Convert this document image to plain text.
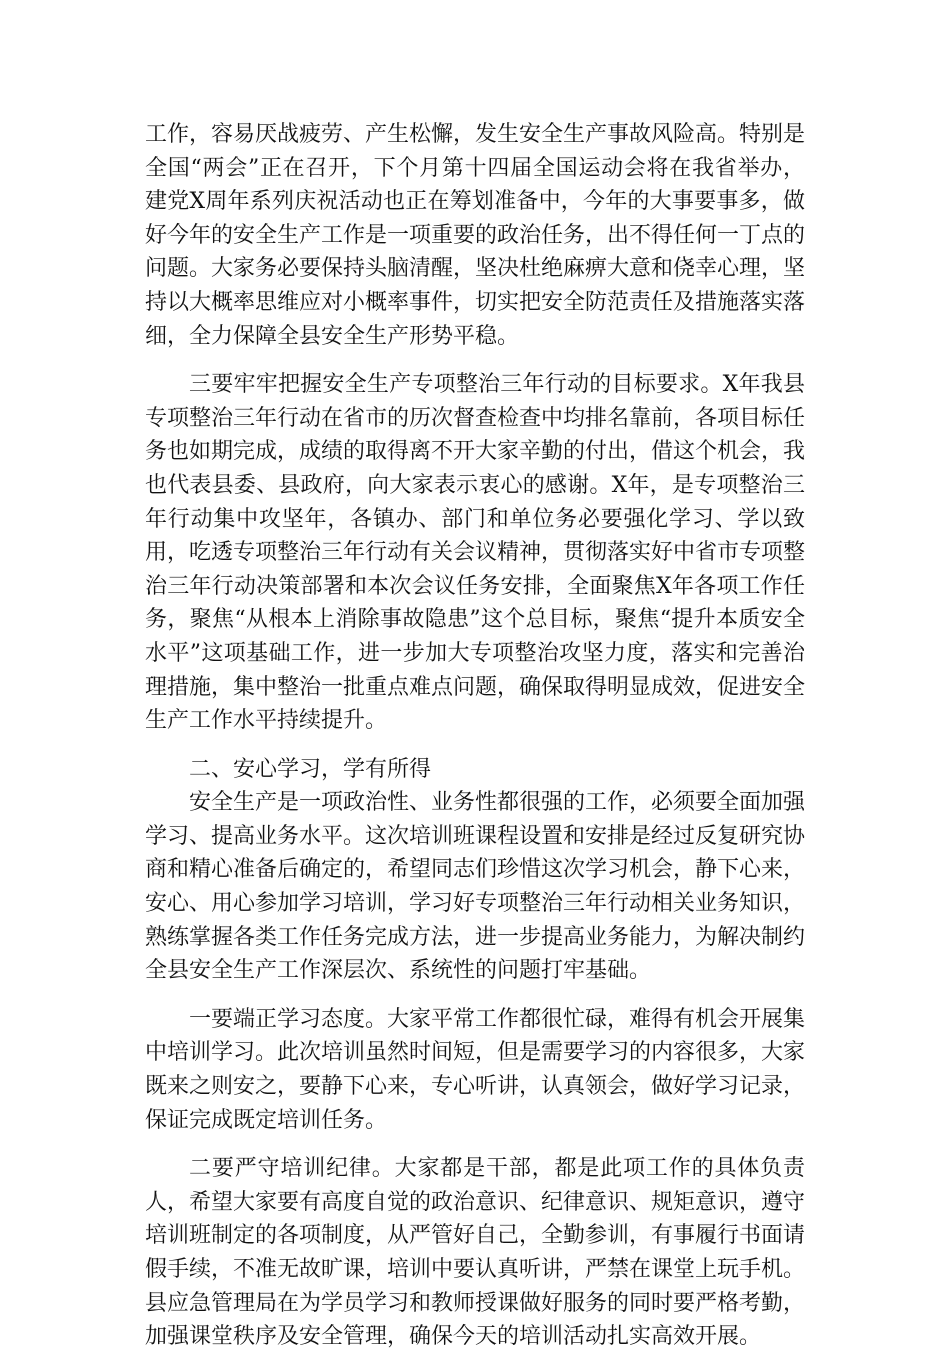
工作，容易厌战疲劳、产生松懈，发生安全生产事故风险高。特别是全国“两会”正在召开，下个月第十四届全国运动会将在我省举办，建党X周年系列庆祝活动也正在筹划准备中，今年的大事要事多，做好今年的安全生产工作是一项重要的政治任务，出不得任何一丁点的问题。大家务必要保持头脑清醒，坚决杜绝麻痹大意和侥幸心理，坚持以大概率思维应对小概率事件，切实把安全防范责任及措施落实落细，全力保障全县安全生产形势平稳。

三要牢牢把握安全生产专项整治三年行动的目标要求。X年我县专项整治三年行动在省市的历次督查检查中均排名靠前，各项目标任务也如期完成，成绩的取得离不开大家辛勤的付出，借这个机会，我也代表县委、县政府，向大家表示衷心的感谢。X年，是专项整治三年行动集中攻坚年，各镇办、部门和单位务必要强化学习、学以致用，吃透专项整治三年行动有关会议精神，贯彻落实好中省市专项整治三年行动决策部署和本次会议任务安排，全面聚焦X年各项工作任务，聚焦“从根本上消除事故隐患”这个总目标，聚焦“提升本质安全水平”这项基础工作，进一步加大专项整治攻坚力度，落实和完善治理措施，集中整治一批重点难点问题，确保取得明显成效，促进安全生产工作水平持续提升。

二、安心学习，学有所得

安全生产是一项政治性、业务性都很强的工作，必须要全面加强学习、提高业务水平。这次培训班课程设置和安排是经过反复研究协商和精心准备后确定的，希望同志们珍惜这次学习机会，静下心来，安心、用心参加学习培训，学习好专项整治三年行动相关业务知识，熟练掌握各类工作任务完成方法，进一步提高业务能力，为解决制约全县安全生产工作深层次、系统性的问题打牢基础。

一要端正学习态度。大家平常工作都很忙碌，难得有机会开展集中培训学习。此次培训虽然时间短，但是需要学习的内容很多，大家既来之则安之，要静下心来，专心听讲，认真领会，做好学习记录，保证完成既定培训任务。

二要严守培训纪律。大家都是干部，都是此项工作的具体负责人，希望大家要有高度自觉的政治意识、纪律意识、规矩意识，遵守培训班制定的各项制度，从严管好自己，全勤参训，有事履行书面请假手续，不准无故旷课，培训中要认真听讲，严禁在课堂上玩手机。县应急管理局在为学员学习和教师授课做好服务的同时要严格考勤，加强课堂秩序及安全管理，确保今天的培训活动扎实高效开展。
